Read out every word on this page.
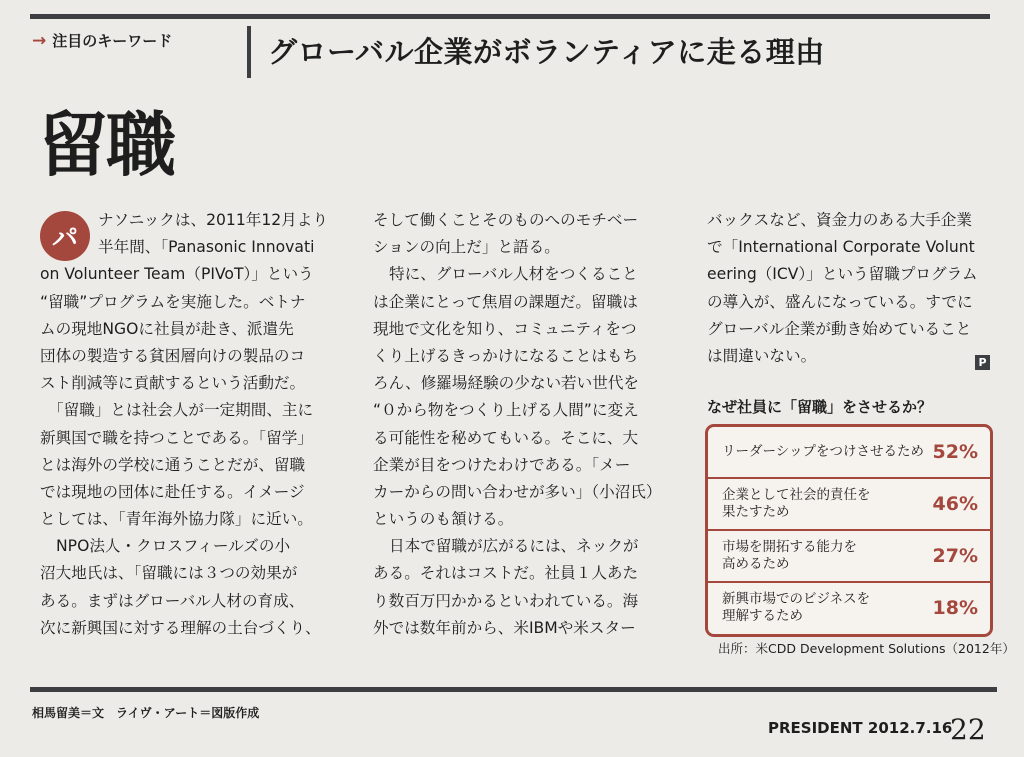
→ 注目のキーワード	グローバル企業がボランティアに走る理由
留職
パ
ナソニックは、2011年12月より
半年間、「Panasonic Innovati
on Volunteer Team（PIVoT）」という
“留職”プログラムを実施した。ベトナ
ムの現地NGOに社員が赴き、派遣先
団体の製造する貧困層向けの製品のコ
スト削減等に貢献するという活動だ。
「留職」とは社会人が一定期間、主に
新興国で職を持つことである。「留学」
とは海外の学校に通うことだが、留職
では現地の団体に赴任する。イメージ
としては、「青年海外協力隊」に近い。
NPO法人・クロスフィールズの小
沼大地氏は、「留職には３つの効果が
ある。まずはグローバル人材の育成、
次に新興国に対する理解の土台づくり、
そして働くことそのものへのモチベー
ションの向上だ」と語る。
特に、グローバル人材をつくること
は企業にとって焦眉の課題だ。留職は
現地で文化を知り、コミュニティをつ
くり上げるきっかけになることはもち
ろん、修羅場経験の少ない若い世代を
“０から物をつくり上げる人間”に変え
る可能性を秘めてもいる。そこに、大
企業が目をつけたわけである。「メー
カーからの問い合わせが多い」（小沼氏）
というのも頷ける。
日本で留職が広がるには、ネックが
ある。それはコストだ。社員１人あた
り数百万円かかるといわれている。海
外では数年前から、米IBMや米スター
バックスなど、資金力のある大手企業
で「International Corporate Volunt
eering（ICV）」という留職プログラム
の導入が、盛んになっている。すでに
グローバル企業が動き始めていること
は間違いない。	P
なぜ社員に「留職」をさせるか？
リーダーシップをつけさせるため 52%
企業として社会的責任を
果たすため	46%
市場を開拓する能力を
高めるため	27%
新興市場でのビジネスを
理解するため	18%
出所：米CDD Development Solutions（2012年）
相馬留美＝文　ライヴ・アート＝図版作成
PRESIDENT 2012.7.16
22
